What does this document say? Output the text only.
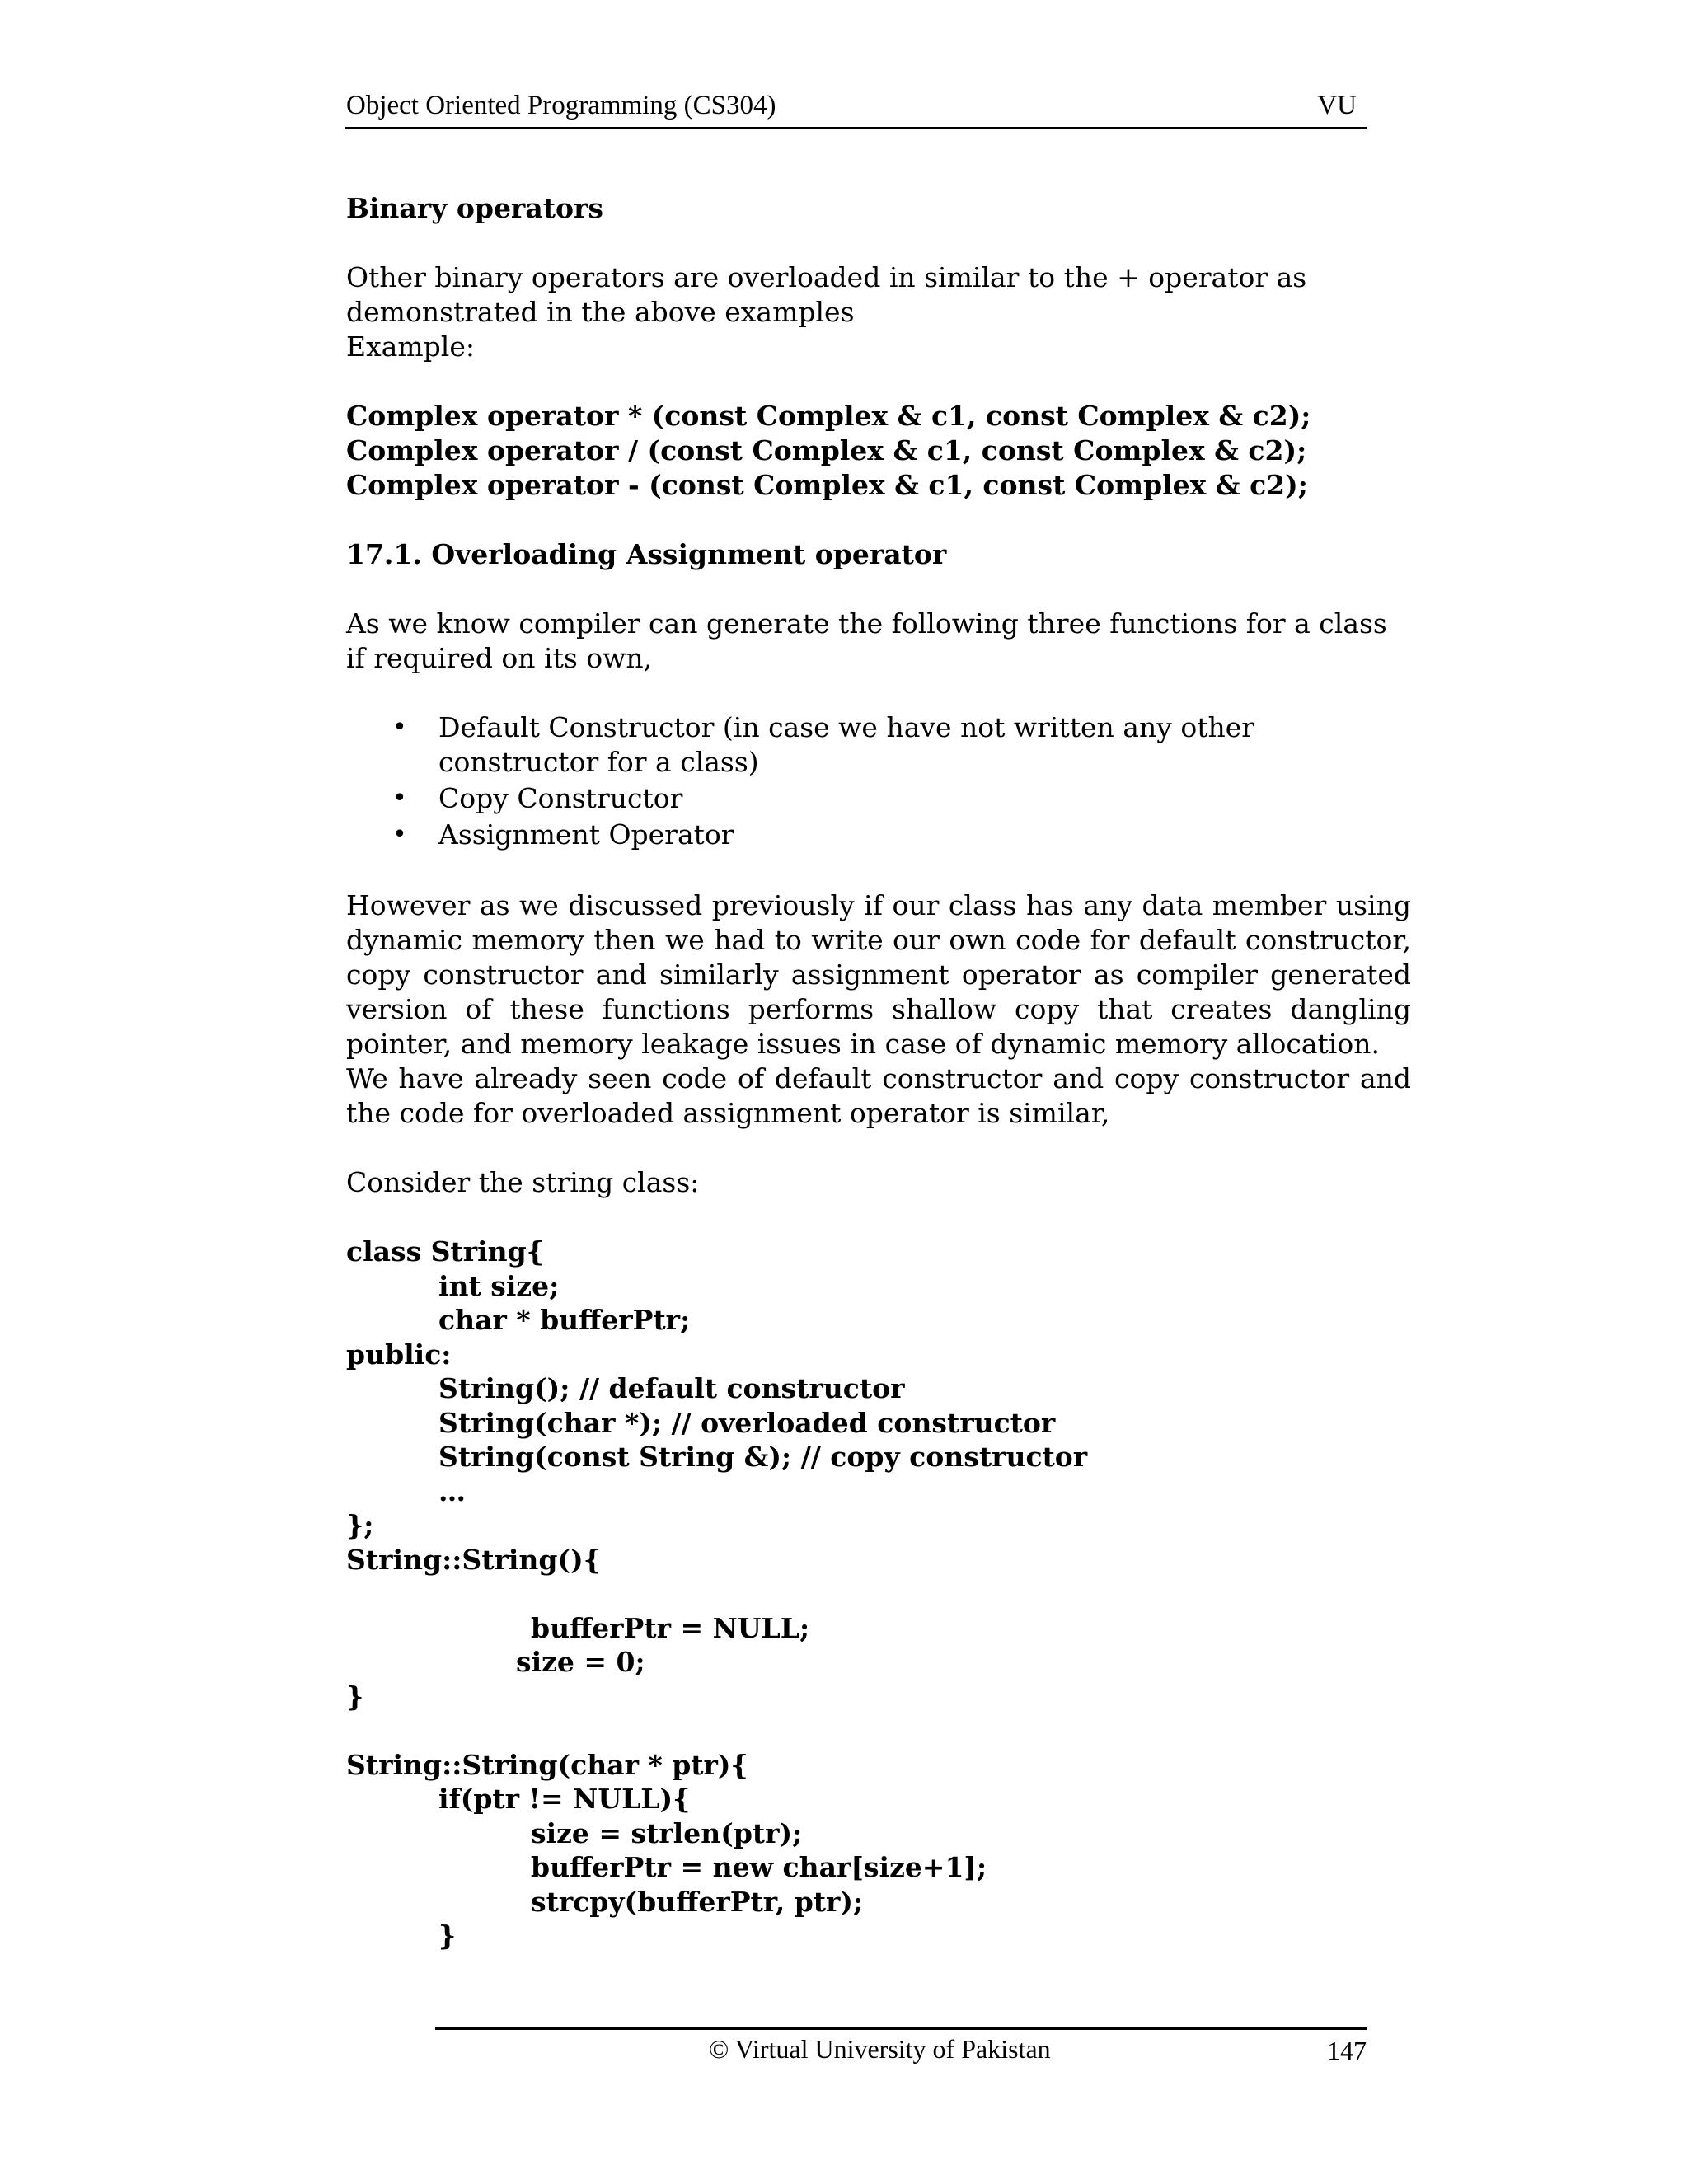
Object Oriented Programming (CS304)	VU

Binary operators

Other binary operators are overloaded in similar to the + operator as demonstrated in the above examples

Example:

Complex operator * (const Complex & c1, const Complex & c2);

Complex operator / (const Complex & c1, const Complex & c2);

Complex operator - (const Complex & c1, const Complex & c2);

17.1. Overloading Assignment operator

As we know compiler can generate the following three functions for a class if required on its own,

• Default Constructor (in case we have not written any other constructor for a class)
• Copy Constructor
• Assignment Operator

However as we discussed previously if our class has any data member using dynamic memory then we had to write our own code for default constructor, copy constructor and similarly assignment operator as compiler generated version of these functions performs shallow copy that creates dangling pointer, and memory leakage issues in case of dynamic memory allocation.

We have already seen code of default constructor and copy constructor and the code for overloaded assignment operator is similar,

Consider the string class:

class String{
int size;
char * bufferPtr;
public:
String(); // default constructor
String(char *); // overloaded constructor
String(const String &); // copy constructor
…
};
String::String(){

bufferPtr = NULL;
size = 0;
}

String::String(char * ptr){
if(ptr != NULL){
size = strlen(ptr);
bufferPtr = new char[size+1];
strcpy(bufferPtr, ptr);
}
© Virtual University of Pakistan	147
